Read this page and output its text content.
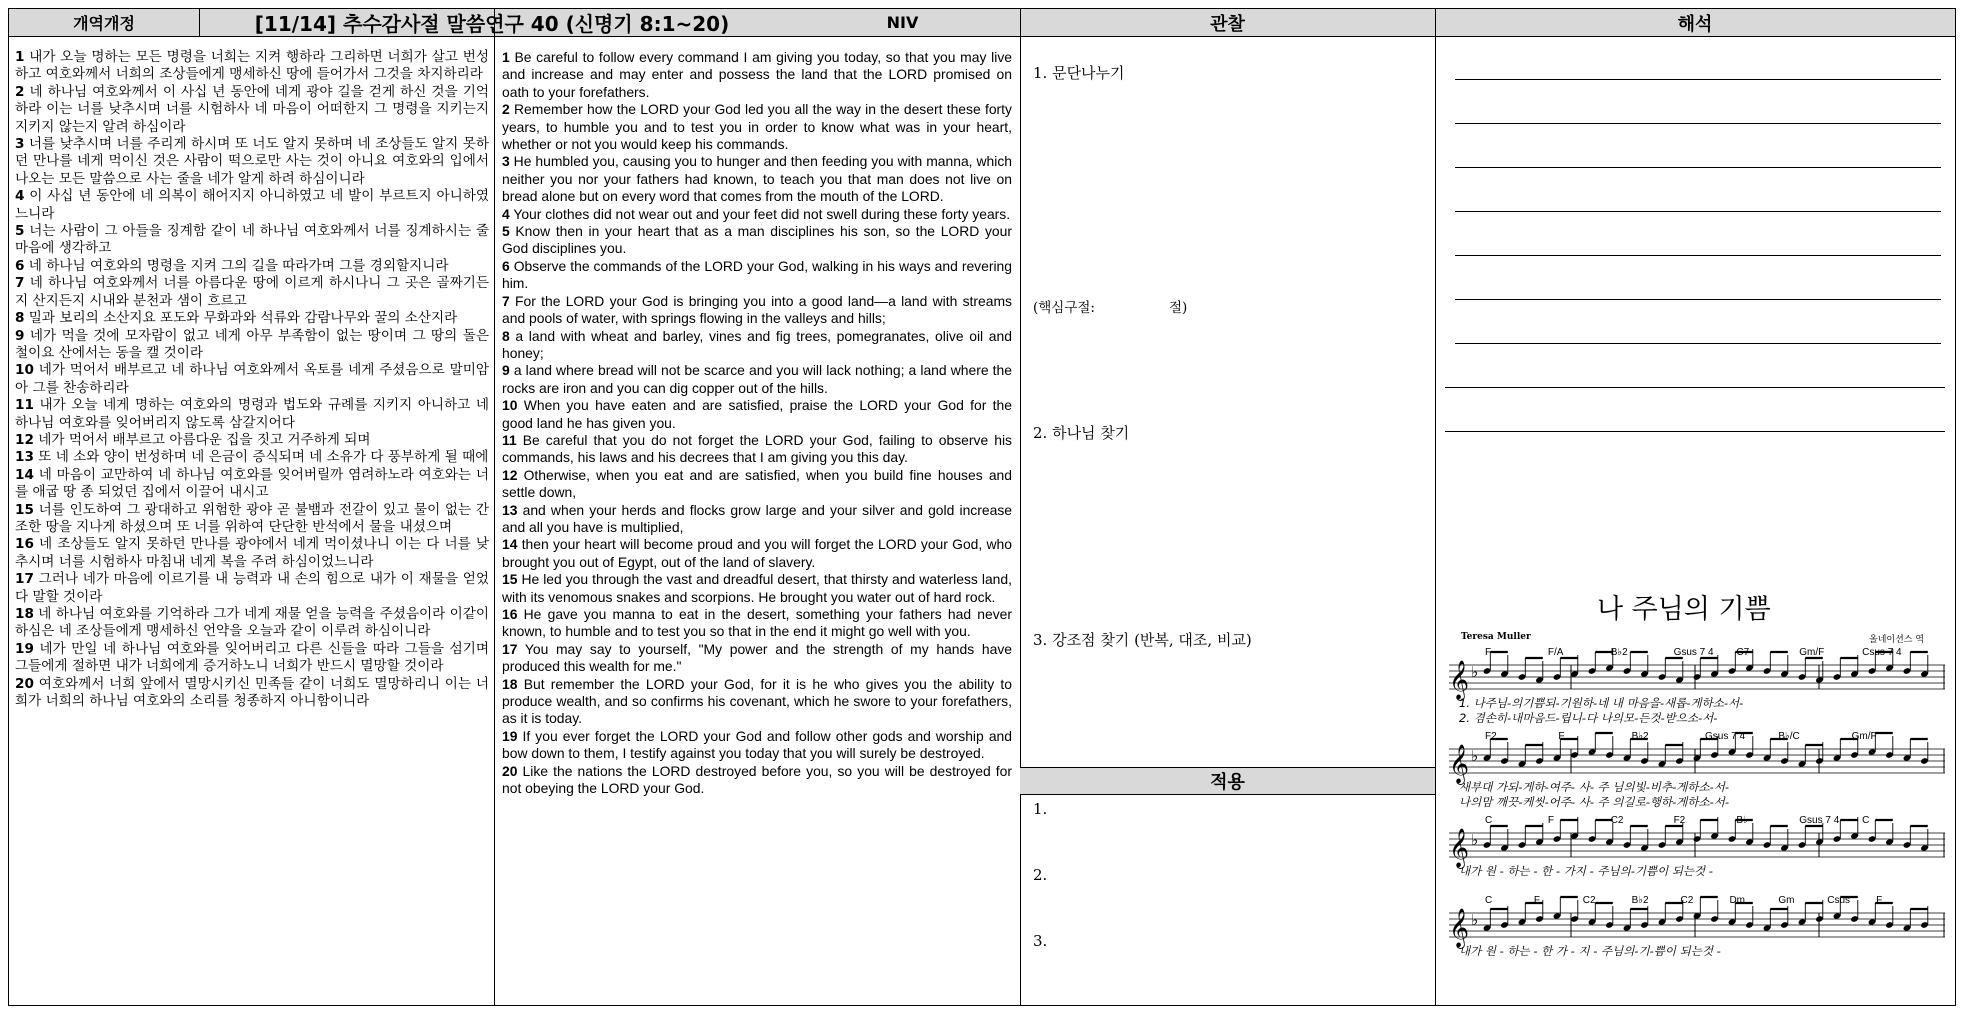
개역개정	[11/14] 추수감사절 말씀연구 40 (신명기 8:1~20)	NIV	관찰	해석

1 내가 오늘 명하는 모든 명령을 너희는 지켜 행하라 그리하면 너희가 살고 번성하고 여호와께서 너희의 조상들에게 맹세하신 땅에 들어가서 그것을 차지하리라

2 네 하나님 여호와께서 이 사십 년 동안에 네게 광야 길을 걷게 하신 것을 기억하라 이는 너를 낮추시며 너를 시험하사 네 마음이 어떠한지 그 명령을 지키는지 지키지 않는지 알려 하심이라

3 너를 낮추시며 너를 주리게 하시며 또 너도 알지 못하며 네 조상들도 알지 못하던 만나를 네게 먹이신 것은 사람이 떡으로만 사는 것이 아니요 여호와의 입에서 나오는 모든 말씀으로 사는 줄을 네가 알게 하려 하심이니라

4 이 사십 년 동안에 네 의복이 해어지지 아니하였고 네 발이 부르트지 아니하였느니라

5 너는 사람이 그 아들을 징계함 같이 네 하나님 여호와께서 너를 징계하시는 줄 마음에 생각하고

6 네 하나님 여호와의 명령을 지켜 그의 길을 따라가며 그를 경외할지니라

7 네 하나님 여호와께서 너를 아름다운 땅에 이르게 하시나니 그 곳은 골짜기든지 산지든지 시내와 분천과 샘이 흐르고

8 밀과 보리의 소산지요 포도와 무화과와 석류와 감람나무와 꿀의 소산지라

9 네가 먹을 것에 모자람이 없고 네게 아무 부족함이 없는 땅이며 그 땅의 돌은 철이요 산에서는 동을 캘 것이라

10 네가 먹어서 배부르고 네 하나님 여호와께서 옥토를 네게 주셨음으로 말미암아 그를 찬송하리라

11 내가 오늘 네게 명하는 여호와의 명령과 법도와 규례를 지키지 아니하고 네 하나님 여호와를 잊어버리지 않도록 삼갈지어다

12 네가 먹어서 배부르고 아름다운 집을 짓고 거주하게 되며

13 또 네 소와 양이 번성하며 네 은금이 증식되며 네 소유가 다 풍부하게 될 때에

14 네 마음이 교만하여 네 하나님 여호와를 잊어버릴까 염려하노라 여호와는 너를 애굽 땅 종 되었던 집에서 이끌어 내시고

15 너를 인도하여 그 광대하고 위험한 광야 곧 불뱀과 전갈이 있고 물이 없는 간조한 땅을 지나게 하셨으며 또 너를 위하여 단단한 반석에서 물을 내셨으며

16 네 조상들도 알지 못하던 만나를 광야에서 네게 먹이셨나니 이는 다 너를 낮추시며 너를 시험하사 마침내 네게 복을 주려 하심이었느니라

17 그러나 네가 마음에 이르기를 내 능력과 내 손의 힘으로 내가 이 재물을 얻었다 말할 것이라

18 네 하나님 여호와를 기억하라 그가 네게 재물 얻을 능력을 주셨음이라 이같이 하심은 네 조상들에게 맹세하신 언약을 오늘과 같이 이루려 하심이니라

19 네가 만일 네 하나님 여호와를 잊어버리고 다른 신들을 따라 그들을 섬기며 그들에게 절하면 내가 너희에게 증거하노니 너희가 반드시 멸망할 것이라

20 여호와께서 너희 앞에서 멸망시키신 민족들 같이 너희도 멸망하리니 이는 너희가 너희의 하나님 여호와의 소리를 청종하지 아니함이니라

1 Be careful to follow every command I am giving you today, so that you may live and increase and may enter and possess the land that the LORD promised on oath to your forefathers.

2 Remember how the LORD your God led you all the way in the desert these forty years, to humble you and to test you in order to know what was in your heart, whether or not you would keep his commands.

3 He humbled you, causing you to hunger and then feeding you with manna, which neither you nor your fathers had known, to teach you that man does not live on bread alone but on every word that comes from the mouth of the LORD.

4 Your clothes did not wear out and your feet did not swell during these forty years.

5 Know then in your heart that as a man disciplines his son, so the LORD your God disciplines you.

6 Observe the commands of the LORD your God, walking in his ways and revering him.

7 For the LORD your God is bringing you into a good land—a land with streams and pools of water, with springs flowing in the valleys and hills;

8 a land with wheat and barley, vines and fig trees, pomegranates, olive oil and honey;

9 a land where bread will not be scarce and you will lack nothing; a land where the rocks are iron and you can dig copper out of the hills.

10 When you have eaten and are satisfied, praise the LORD your God for the good land he has given you.

11 Be careful that you do not forget the LORD your God, failing to observe his commands, his laws and his decrees that I am giving you this day.

12 Otherwise, when you eat and are satisfied, when you build fine houses and settle down,

13 and when your herds and flocks grow large and your silver and gold increase and all you have is multiplied,

14 then your heart will become proud and you will forget the LORD your God, who brought you out of Egypt, out of the land of slavery.

15 He led you through the vast and dreadful desert, that thirsty and waterless land, with its venomous snakes and scorpions. He brought you water out of hard rock.

16 He gave you manna to eat in the desert, something your fathers had never known, to humble and to test you so that in the end it might go well with you.

17 You may say to yourself, "My power and the strength of my hands have produced this wealth for me."

18 But remember the LORD your God, for it is he who gives you the ability to produce wealth, and so confirms his covenant, which he swore to your forefathers, as it is today.

19 If you ever forget the LORD your God and follow other gods and worship and bow down to them, I testify against you today that you will surely be destroyed.

20 Like the nations the LORD destroyed before you, so you will be destroyed for not obeying the LORD your God.

1. 문단나누기
(핵심구절:	절)
2. 하나님 찾기
3. 강조점 찾기 (반복, 대조, 비교)
적용
1.
2.
3.
나 주님의 기쁨
Teresa Muller	올네이션스 역
𝄞 ♭
F	F/A	B♭2	Gsus 7 4 C7	Gm/F	Csus 7 4
1. 나주님-의기쁨되-기원하-네 내 마음을-새롭-게하소-서-
2. 겸손히-내마음드-립니-다 나의모-든것-받으소-서-
𝄞 ♭
F2	F	B♭2	Gsus 7 4	B♭/C	Gm/F
새부대 가되-게하-여주- 사- 주 님의빛-비추-게하소-서-
나의맘 깨끗-케씻-어주- 사- 주 의길로-행하-게하소-서-
𝄞 ♭
C	F	C2	F2	B♭	Gsus 7 4 C
내가 원 - 하는 - 한 - 가지 - 주님의-기쁨이 되는것 -
𝄞 ♭
C	F	C2	B♭2	C2	Dm	Gm	Csus	F
내가 원 - 하는 - 한 가 - 지 - 주님의-기-쁨이 되는것 -
